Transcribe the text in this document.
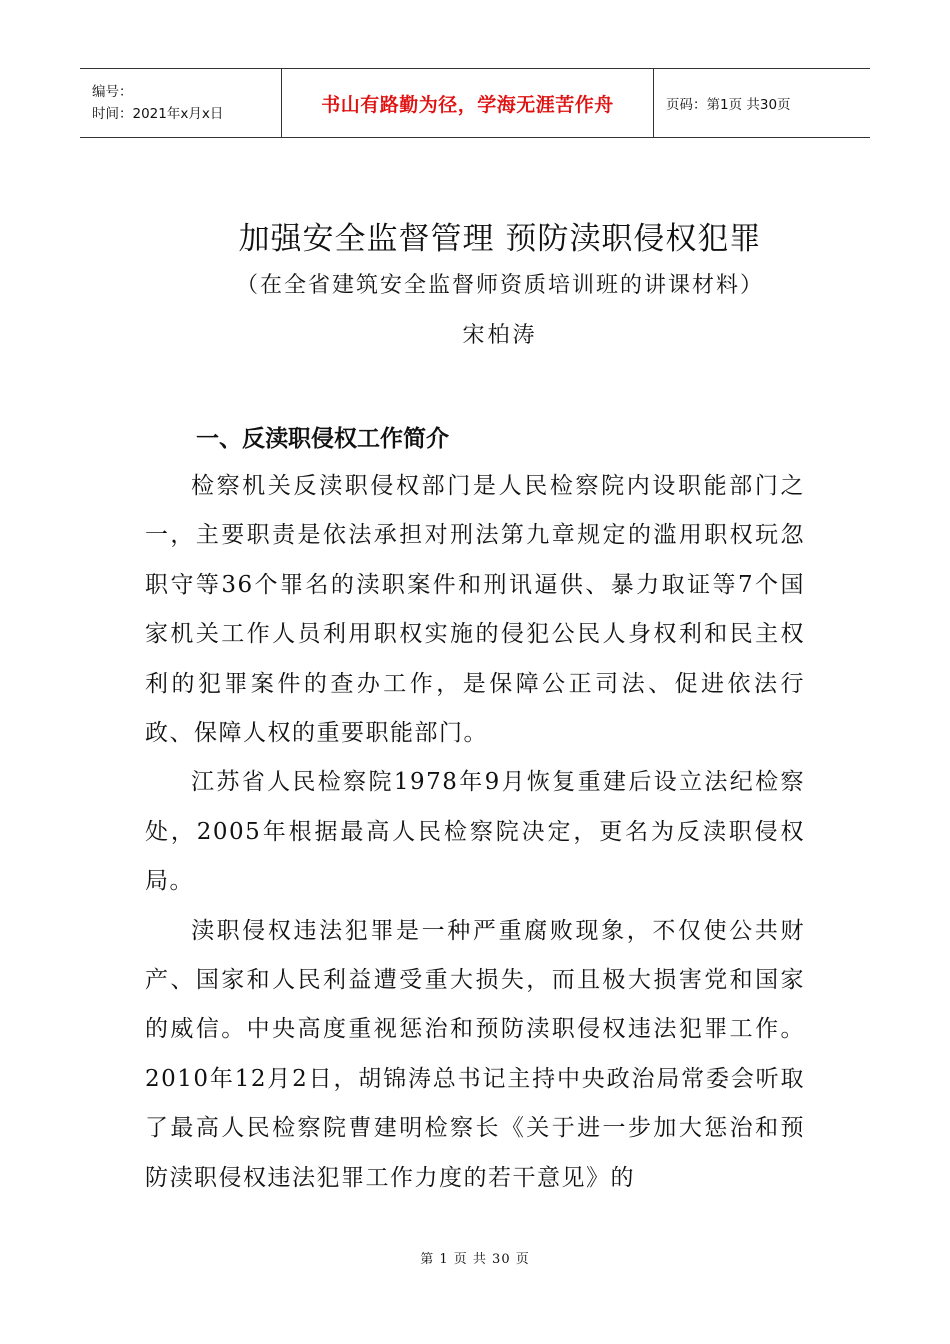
编号：
时间：2021年x月x日	书山有路勤为径，学海无涯苦作舟	页码：第1页 共30页
加强安全监督管理 预防渎职侵权犯罪
（在全省建筑安全监督师资质培训班的讲课材料）
宋柏涛
一、反渎职侵权工作简介

检察机关反渎职侵权部门是人民检察院内设职能部门之一，主要职责是依法承担对刑法第九章规定的滥用职权玩忽职守等36个罪名的渎职案件和刑讯逼供、暴力取证等7个国家机关工作人员利用职权实施的侵犯公民人身权利和民主权利的犯罪案件的查办工作，是保障公正司法、促进依法行政、保障人权的重要职能部门。

江苏省人民检察院1978年9月恢复重建后设立法纪检察处，2005年根据最高人民检察院决定，更名为反渎职侵权局。

渎职侵权违法犯罪是一种严重腐败现象，不仅使公共财产、国家和人民利益遭受重大损失，而且极大损害党和国家的威信。中央高度重视惩治和预防渎职侵权违法犯罪工作。2010年12月2日，胡锦涛总书记主持中央政治局常委会听取了最高人民检察院曹建明检察长《关于进一步加大惩治和预防渎职侵权违法犯罪工作力度的若干意见》的

第 1 页 共 30 页
